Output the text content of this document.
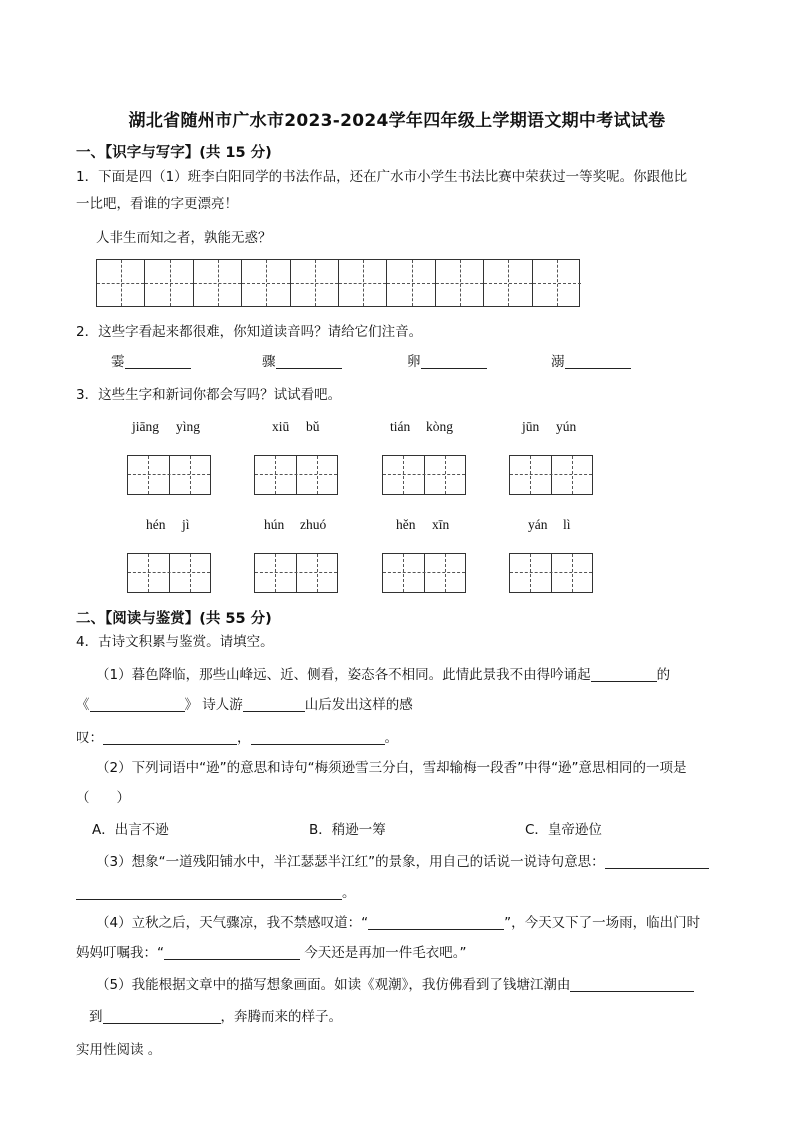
湖北省随州市广水市2023-2024学年四年级上学期语文期中考试试卷
一、【识字与写字】(共 15 分)
1．下面是四（1）班李白阳同学的书法作品，还在广水市小学生书法比赛中荣获过一等奖呢。你跟他比
一比吧，看谁的字更漂亮！
人非生而知之者，孰能无惑？
2．这些字看起来都很难，你知道读音吗？请给它们注音。
霎	骤	卵	溺
3．这些生字和新词你都会写吗？试试看吧。
jiāng yìng	xiū bǔ	tián kòng	jūn yún
hén jì	hún zhuó	hěn xīn	yán lì
二、【阅读与鉴赏】(共 55 分)
4．古诗文积累与鉴赏。请填空。
（1）暮色降临，那些山峰远、近、侧看，姿态各不相同。此情此景我不由得吟诵起	的
《	》 诗人游	山后发出这样的感
叹：	，	。
（2）下列词语中“逊”的意思和诗句“梅须逊雪三分白，雪却输梅一段香”中得“逊”意思相同的一项是
（　　）
A．出言不逊	B．稍逊一筹	C．皇帝逊位
（3）想象“一道残阳铺水中，半江瑟瑟半江红”的景象，用自己的话说一说诗句意思：
。
（4）立秋之后，天气骤凉，我不禁感叹道：“	”，今天又下了一场雨，临出门时
妈妈叮嘱我：“	今天还是再加一件毛衣吧。”
（5）我能根据文章中的描写想象画面。如读《观潮》，我仿佛看到了钱塘江潮由
到	，奔腾而来的样子。
实用性阅读 。
